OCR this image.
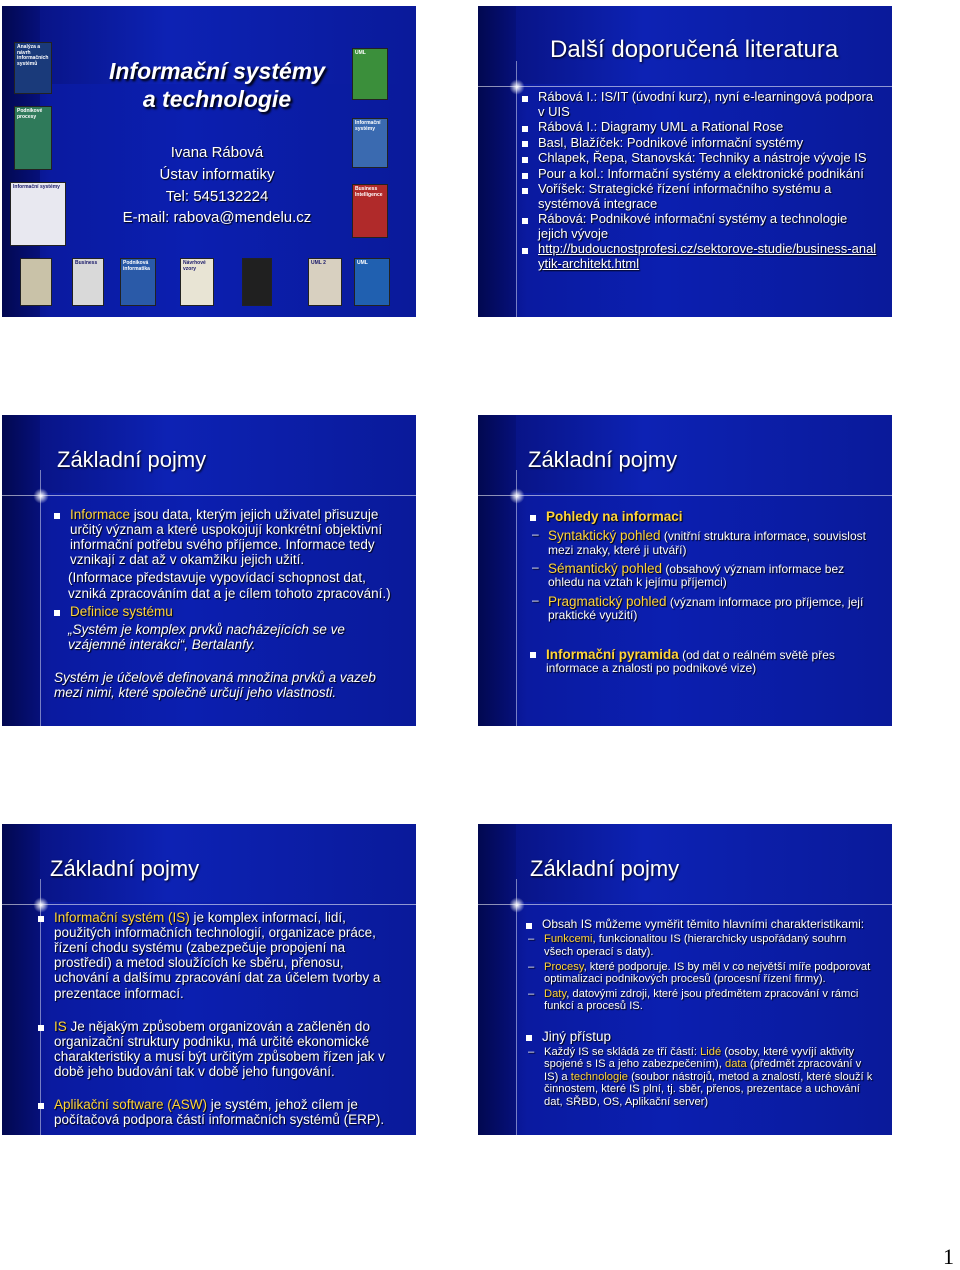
Informační systémy
a technologie
Ivana Rábová
Ústav informatiky
Tel: 545132224
E-mail: rabova@mendelu.cz
Analýza a návrh informačních systémů
Podnikové procesy
Informační systémy
UML
Informační systémy
Business Intelligence
Business	Podniková informatika
Návrhové vzory
UML 2	UML
Další doporučená literatura
Rábová I.: IS/IT (úvodní kurz), nyní e-learningová podpora v UIS
Rábová I.: Diagramy UML a Rational Rose
Basl, Blažíček: Podnikové informační systémy
Chlapek, Řepa, Stanovská: Techniky a nástroje vývoje IS
Pour a kol.: Informační systémy a elektronické podnikání
Voříšek: Strategické řízení informačního systému a systémová integrace
Rábová: Podnikové informační systémy a technologie jejich vývoje
http://budoucnostprofesi.cz/sektorove-studie/business-analytik-architekt.html
Základní pojmy
Informace jsou data, kterým jejich uživatel přisuzuje určitý význam a které uspokojují konkrétní objektivní informační potřebu svého příjemce. Informace tedy vznikají z dat až v okamžiku jejich užití.
(Informace představuje vypovídací schopnost dat, vzniká zpracováním dat a je cílem tohoto zpracování.)
Definice systému
„Systém je komplex prvků nacházejících se ve vzájemné interakci“, Bertalanfy.
Systém je účelově definovaná množina prvků a vazeb mezi nimi, které společně určují jeho vlastnosti.
Základní pojmy
Pohledy na informaci
– Syntaktický pohled (vnitřní struktura informace, souvislost mezi znaky, které ji utváří)
– Sémantický pohled (obsahový význam informace bez ohledu na vztah k jejímu příjemci)
– Pragmatický pohled (význam informace pro příjemce, její praktické využití)
Informační pyramida (od dat o reálném světě přes informace a znalosti po podnikové vize)
Základní pojmy
Informační systém (IS) je komplex informací, lidí, použitých informačních technologií, organizace práce, řízení chodu systému (zabezpečuje propojení na prostředí) a metod sloužících ke sběru, přenosu, uchování a dalšímu zpracování dat za účelem tvorby a prezentace informací.
IS Je nějakým způsobem organizován a začleněn do organizační struktury podniku, má určité ekonomické charakteristiky a musí být určitým způsobem řízen jak v době jeho budování tak v době jeho fungování.
Aplikační software (ASW) je systém, jehož cílem je počítačová podpora částí informačních systémů (ERP).
Základní pojmy
Obsah IS můžeme vyměřit těmito hlavními charakteristikami:
– Funkcemi, funkcionalitou IS (hierarchicky uspořádaný souhrn všech operací s daty).
– Procesy, které podporuje. IS by měl v co největší míře podporovat optimalizaci podnikových procesů (procesní řízení firmy).
– Daty, datovými zdroji, které jsou předmětem zpracování v rámci funkcí a procesů IS.
Jiný přístup
– Každý IS se skládá ze tří částí: Lidé (osoby, které vyvíjí aktivity spojené s IS a jeho zabezpečením), data (předmět zpracování v IS) a technologie (soubor nástrojů, metod a znalostí, které slouží k činnostem, které IS plní, tj. sběr, přenos, prezentace a uchování dat, SŘBD, OS, Aplikační server)
1
